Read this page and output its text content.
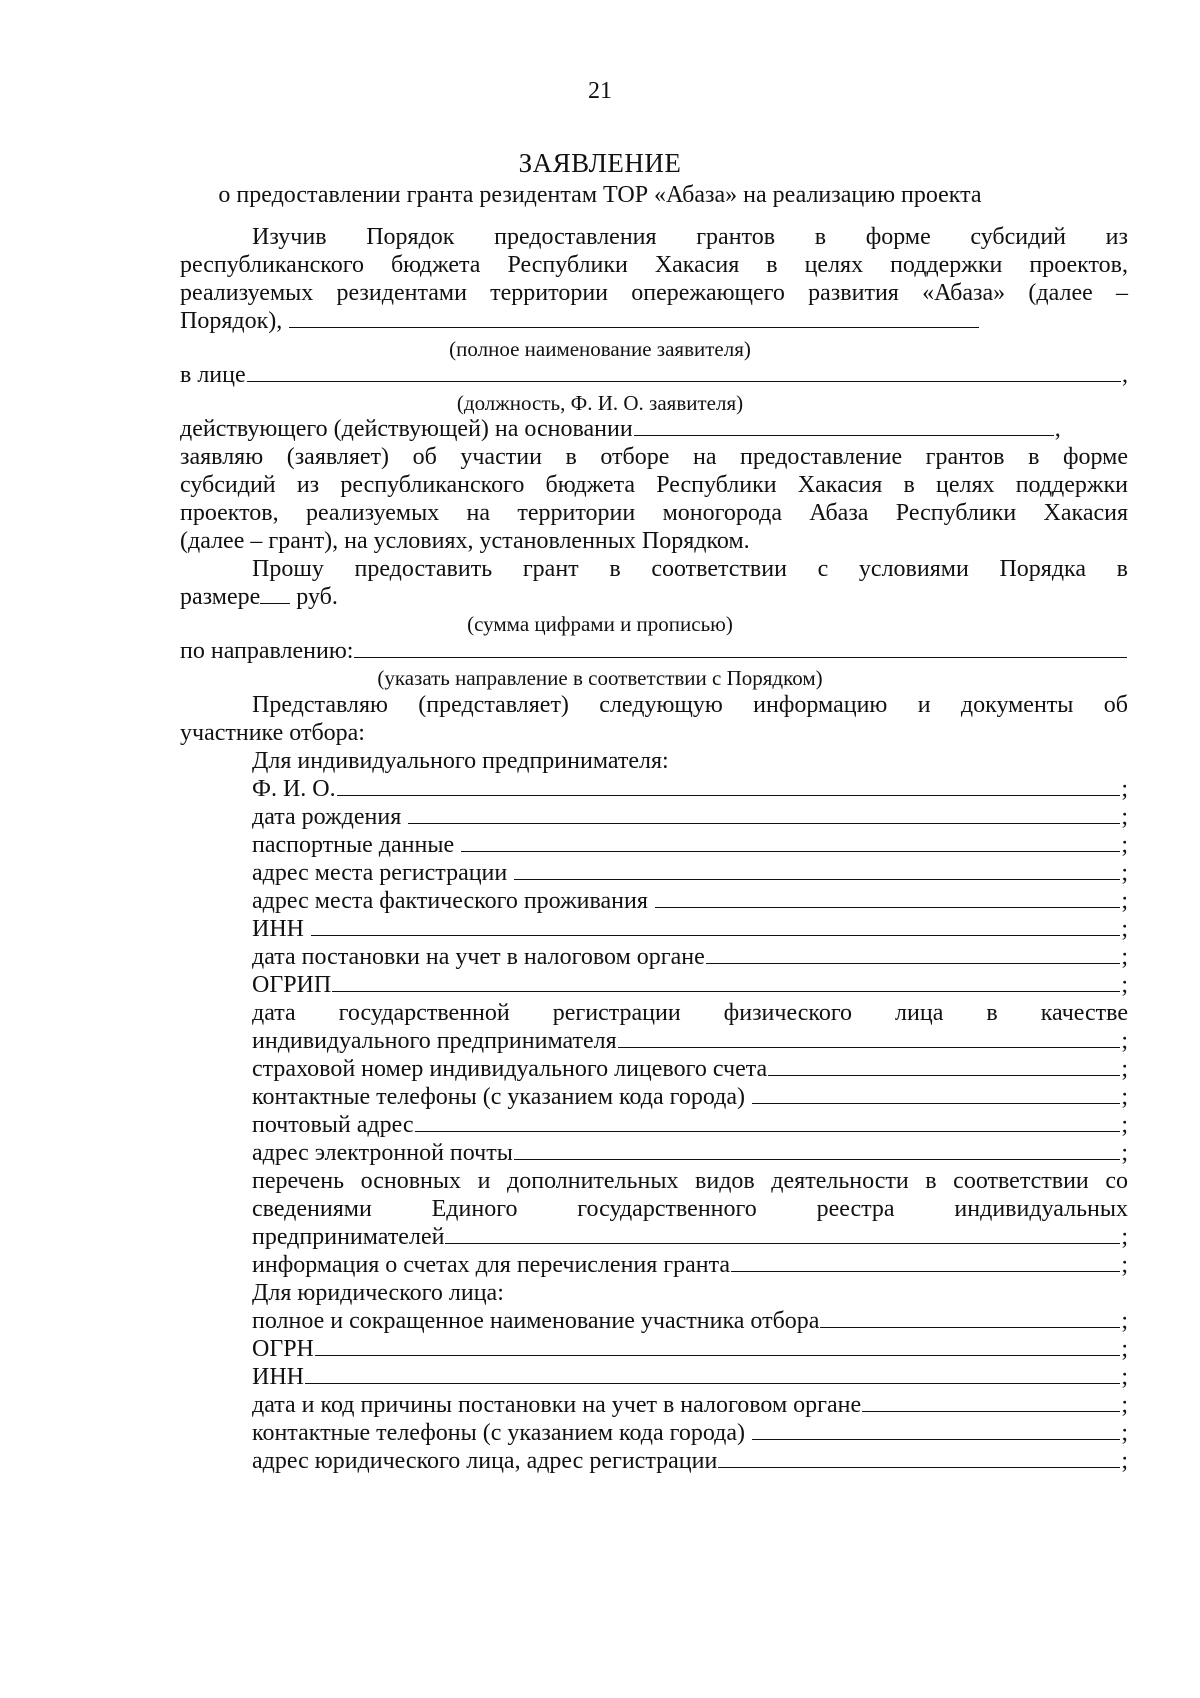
21
ЗАЯВЛЕНИЕ
о предоставлении гранта резидентам ТОР «Абаза» на реализацию проекта
Изучив Порядок предоставления грантов в форме субсидий из
республиканского бюджета Республики Хакасия в целях поддержки проектов,
реализуемых резидентами территории опережающего развития «Абаза» (далее –
Порядок),

(полное наименование заявителя)
в лице	,
(должность, Ф. И. О. заявителя)
действующего (действующей) на основании	,
заявляю (заявляет) об участии в отборе на предоставление грантов в форме
субсидий из республиканского бюджета Республики Хакасия в целях поддержки
проектов, реализуемых на территории моногорода Абаза Республики Хакасия
(далее – грант), на условиях, установленных Порядком.
Прошу предоставить грант в соответствии с условиями Порядка в
размере руб.
(сумма цифрами и прописью)
по направлению:
(указать направление в соответствии с Порядком)
Представляю (представляет) следующую информацию и документы об
участнике отбора:
Для индивидуального предпринимателя:
Ф. И. О.	;
дата рождения
	;
паспортные данные
	;
адрес места регистрации
	;
адрес места фактического проживания
	;
ИНН
	;
дата постановки на учет в налоговом органе	;
ОГРИП	;
дата государственной регистрации физического лица в качестве
индивидуального предпринимателя	;
страховой номер индивидуального лицевого счета	;
контактные телефоны (с указанием кода города)
	;
почтовый адрес	;
адрес электронной почты	;
перечень основных и дополнительных видов деятельности в соответствии со
сведениями Единого государственного реестра индивидуальных
предпринимателей	;
информация о счетах для перечисления гранта	;
Для юридического лица:
полное и сокращенное наименование участника отбора	;
ОГРН	;
ИНН	;
дата и код причины постановки на учет в налоговом органе	;
контактные телефоны (с указанием кода города)
	;
адрес юридического лица, адрес регистрации	;
